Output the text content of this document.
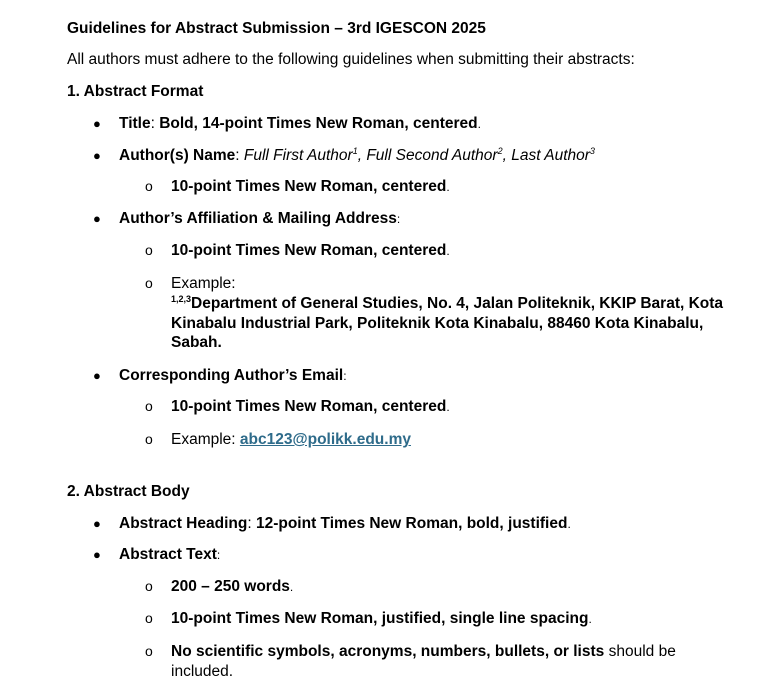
Guidelines for Abstract Submission – 3rd IGESCON 2025
All authors must adhere to the following guidelines when submitting their abstracts:
1. Abstract Format
● Title: Bold, 14-point Times New Roman, centered.
● Author(s) Name: Full First Author$^1$, Full Second Author$^2$, Last Author$^3$
o 10-point Times New Roman, centered.
● Author’s Affiliation & Mailing Address:
o 10-point Times New Roman, centered.
o Example:
$^{1,2,3}$Department of General Studies, No. 4, Jalan Politeknik, KKIP Barat, Kota Kinabalu Industrial Park, Politeknik Kota Kinabalu, 88460 Kota Kinabalu, Sabah.
● Corresponding Author’s Email:
o 10-point Times New Roman, centered.
o Example: abc123@polikk.edu.my
2. Abstract Body
● Abstract Heading: 12-point Times New Roman, bold, justified.
● Abstract Text:
o 200 – 250 words.
o 10-point Times New Roman, justified, single line spacing.
o No scientific symbols, acronyms, numbers, bullets, or lists should be included.
